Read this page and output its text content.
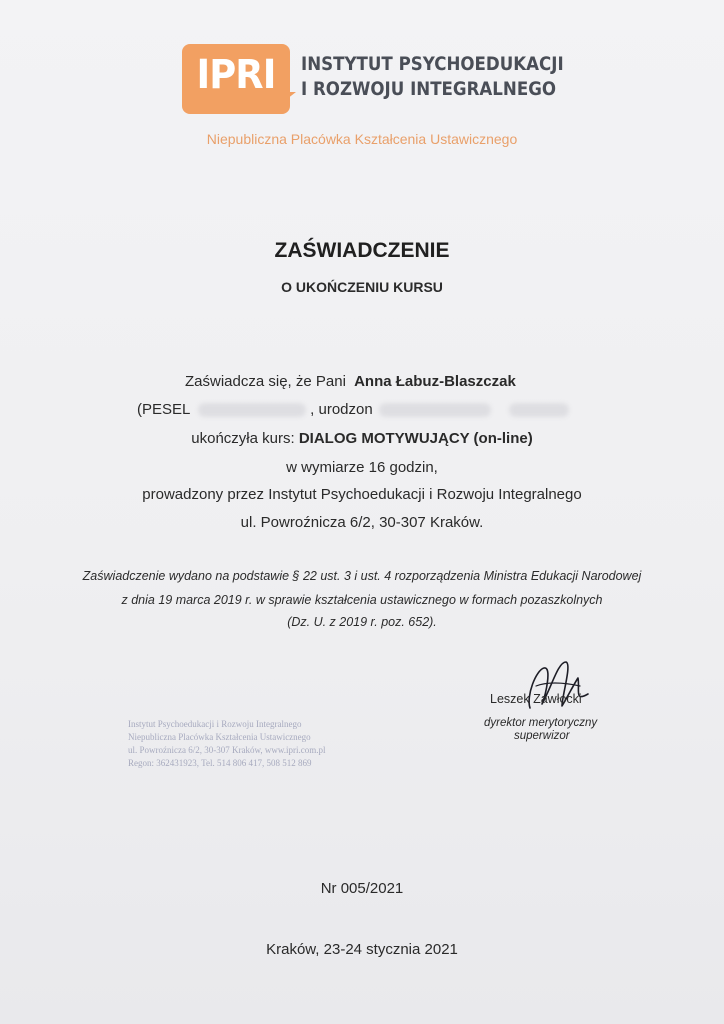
IPRI INSTYTUT PSYCHOEDUKACJI
I ROZWOJU INTEGRALNEGO
Niepubliczna Placówka Kształcenia Ustawicznego
ZAŚWIADCZENIE
O UKOŃCZENIU KURSU
Zaświadcza się, że Pani Anna Łabuz-Blaszczak
(PESEL	, urodzon
ukończyła kurs: DIALOG MOTYWUJĄCY (on-line)
w wymiarze 16 godzin,
prowadzony przez Instytut Psychoedukacji i Rozwoju Integralnego
ul. Powroźnicza 6/2, 30-307 Kraków.
Zaświadczenie wydano na podstawie § 22 ust. 3 i ust. 4 rozporządzenia Ministra Edukacji Narodowej
z dnia 19 marca 2019 r. w sprawie kształcenia ustawicznego w formach pozaszkolnych
(Dz. U. z 2019 r. poz. 652).
Instytut Psychoedukacji i Rozwoju Integralnego
Niepubliczna Placówka Kształcenia Ustawicznego
ul. Powroźnicza 6/2, 30-307 Kraków, www.ipri.com.pl
Regon: 362431923, Tel. 514 806 417, 508 512 869
Leszek Zawłocki
dyrektor merytoryczny
superwizor
Nr 005/2021
Kraków, 23-24 stycznia 2021
